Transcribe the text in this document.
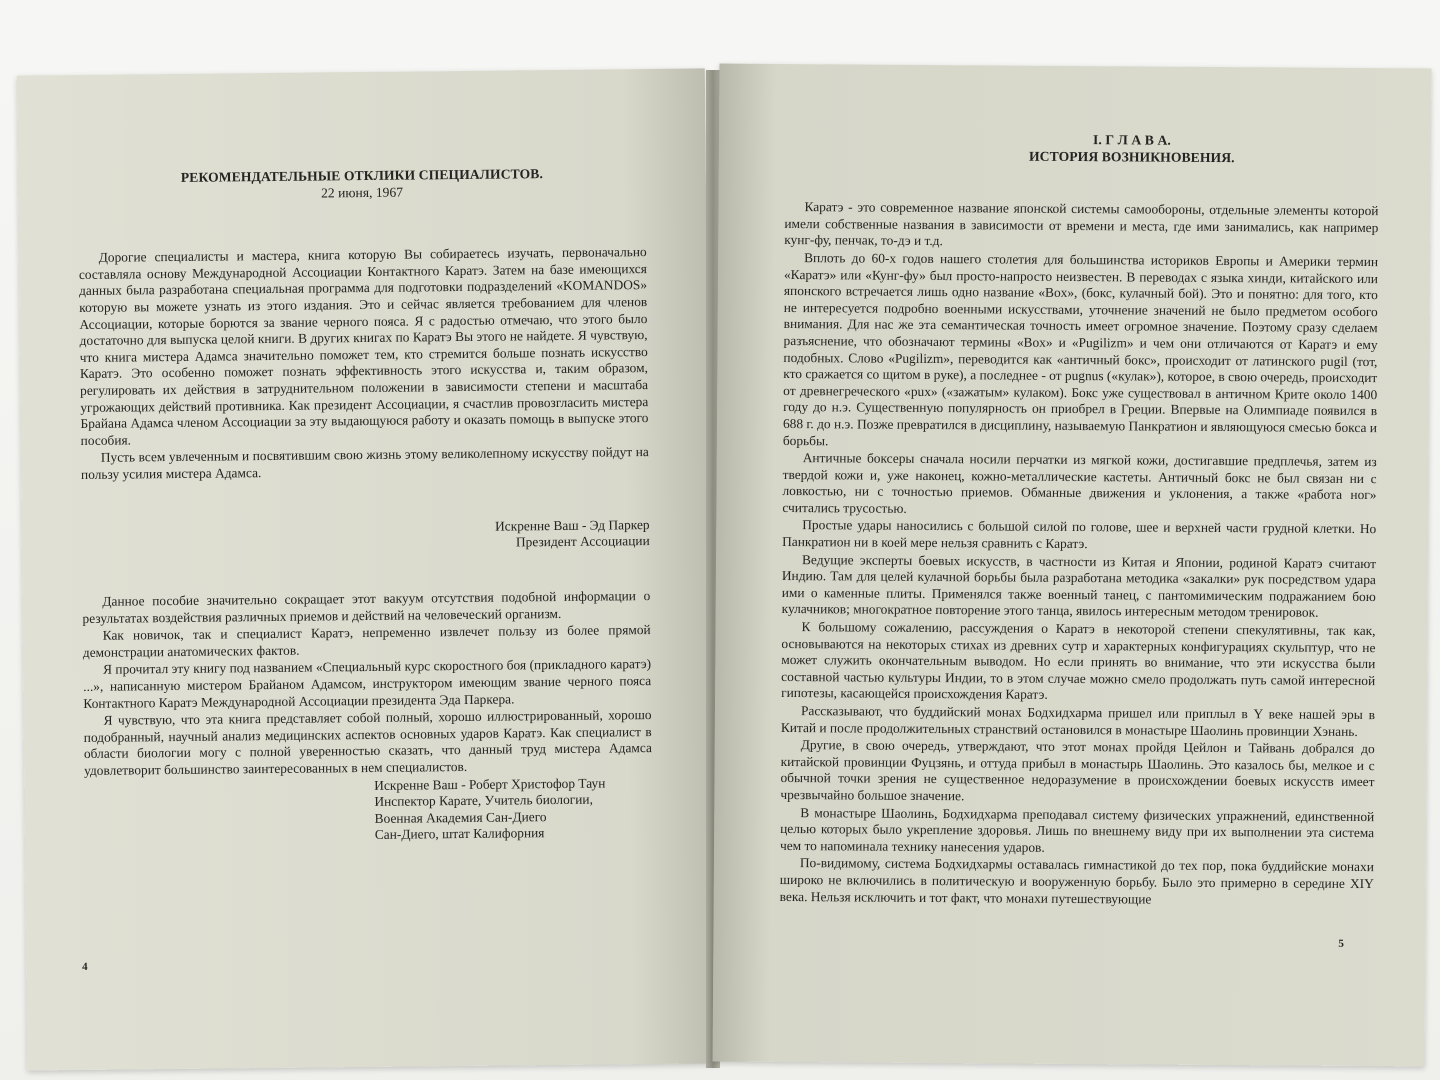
РЕКОМЕНДАТЕЛЬНЫЕ ОТКЛИКИ СПЕЦИАЛИСТОВ.
22 июня, 1967

Дорогие специалисты и мастера, книга которую Вы собираетесь изучать, первоначально составляла основу Международной Ассоциации Контактного Каратэ. Затем на базе имеющихся данных была разработана специальная программа для подготовки подразделений «KOMANDOS» которую вы можете узнать из этого издания. Это и сейчас является требованием для членов Ассоциации, которые борются за звание черного пояса. Я с радостью отмечаю, что этого было достаточно для выпуска целой книги. В других книгах по Каратэ Вы этого не найдете. Я чувствую, что книга мистера Адамса значительно поможет тем, кто стремится больше познать искусство Каратэ. Это особенно поможет познать эффективность этого искусства и, таким образом, регулировать их действия в затруднительном положении в зависимости степени и масштаба угрожающих действий противника. Как президент Ассоциации, я счастлив провозгласить мистера Брайана Адамса членом Ассоциации за эту выдающуюся работу и оказать помощь в выпуске этого пособия.

Пусть всем увлеченным и посвятившим свою жизнь этому великолепному искусству пойдут на пользу усилия мистера Адамса.

Искренне Ваш - Эд Паркер
Президент Ассоциации

Данное пособие значительно сокращает этот вакуум отсутствия подобной информации о результатах воздействия различных приемов и действий на человеческий организм.

Как новичок, так и специалист Каратэ, непременно извлечет пользу из более прямой демонстрации анатомических фактов.

Я прочитал эту книгу под названием «Специальный курс скоростного боя (прикладного каратэ) ...», написанную мистером Брайаном Адамсом, инструктором имеющим звание черного пояса Контактного Каратэ Международной Ассоциации президента Эда Паркера.

Я чувствую, что эта книга представляет собой полный, хорошо иллюстрированный, хорошо подобранный, научный анализ медицинских аспектов основных ударов Каратэ. Как специалист в области биологии могу с полной уверенностью сказать, что данный труд мистера Адамса удовлетворит большинство заинтересованных в нем специалистов.

Искренне Ваш - Роберт Христофор Таун
Инспектор Карате, Учитель биологии,
Военная Академия Сан-Диего
Сан-Диего, штат Калифорния
4
I. Г Л А В А.
ИСТОРИЯ ВОЗНИКНОВЕНИЯ.

Каратэ - это современное название японской системы самообороны, отдельные элементы которой имели собственные названия в зависимости от времени и места, где ими занимались, как например кунг-фу, пенчак, то-дэ и т.д.

Вплоть до 60-х годов нашего столетия для большинства историков Европы и Америки термин «Каратэ» или «Кунг-фу» был просто-напросто неизвестен. В переводах с языка хинди, китайского или японского встречается лишь одно название «Box», (бокс, кулачный бой). Это и понятно: для того, кто не интересуется подробно военными искусствами, уточнение значений не было предметом особого внимания. Для нас же эта семантическая точность имеет огромное значение. Поэтому сразу сделаем разъяснение, что обозначают термины «Box» и «Pugilizm» и чем они отличаются от Каратэ и ему подобных. Слово «Pugilizm», переводится как «античный бокс», происходит от латинского pugil (тот, кто сражается со щитом в руке), а последнее - от pugnus («кулак»), которое, в свою очередь, происходит от древнегреческого «pux» («зажатым» кулаком). Бокс уже существовал в античном Крите около 1400 году до н.э. Существенную популярность он приобрел в Греции. Впервые на Олимпиаде появился в 688 г. до н.э. Позже превратился в дисциплину, называемую Панкратион и являющуюся смесью бокса и борьбы.

Античные боксеры сначала носили перчатки из мягкой кожи, достигавшие предплечья, затем из твердой кожи и, уже наконец, кожно-металлические кастеты. Античный бокс не был связан ни с ловкостью, ни с точностью приемов. Обманные движения и уклонения, а также «работа ног» считались трусостью.

Простые удары наносились с большой силой по голове, шее и верхней части грудной клетки. Но Панкратион ни в коей мере нельзя сравнить с Каратэ.

Ведущие эксперты боевых искусств, в частности из Китая и Японии, родиной Каратэ считают Индию. Там для целей кулачной борьбы была разработана методика «закалки» рук посредством удара ими о каменные плиты. Применялся также военный танец, с пантомимическим подражанием бою кулачников; многократное повторение этого танца, явилось интересным методом тренировок.

К большому сожалению, рассуждения о Каратэ в некоторой степени спекулятивны, так как, основываются на некоторых стихах из древних сутр и характерных конфигурациях скульптур, что не может служить окончательным выводом. Но если принять во внимание, что эти искусства были составной частью культуры Индии, то в этом случае можно смело продолжать путь самой интересной гипотезы, касающейся происхождения Каратэ.

Рассказывают, что буддийский монах Бодхидхарма пришел или приплыл в Y веке нашей эры в Китай и после продолжительных странствий остановился в монастыре Шаолинь провинции Хэнань.

Другие, в свою очередь, утверждают, что этот монах пройдя Цейлон и Тайвань добрался до китайской провинции Фуцзянь, и оттуда прибыл в монастырь Шаолинь. Это казалось бы, мелкое и с обычной точки зрения не существенное недоразумение в происхождении боевых искусств имеет чрезвычайно большое значение.

В монастыре Шаолинь, Бодхидхарма преподавал систему физических упражнений, единственной целью которых было укрепление здоровья. Лишь по внешнему виду при их выполнении эта система чем то напоминала технику нанесения ударов.

По-видимому, система Бодхидхармы оставалась гимнастикой до тех пор, пока буддийские монахи широко не включились в политическую и вооруженную борьбу. Было это примерно в середине XIY века. Нельзя исключить и тот факт, что монахи путешествующие

5
